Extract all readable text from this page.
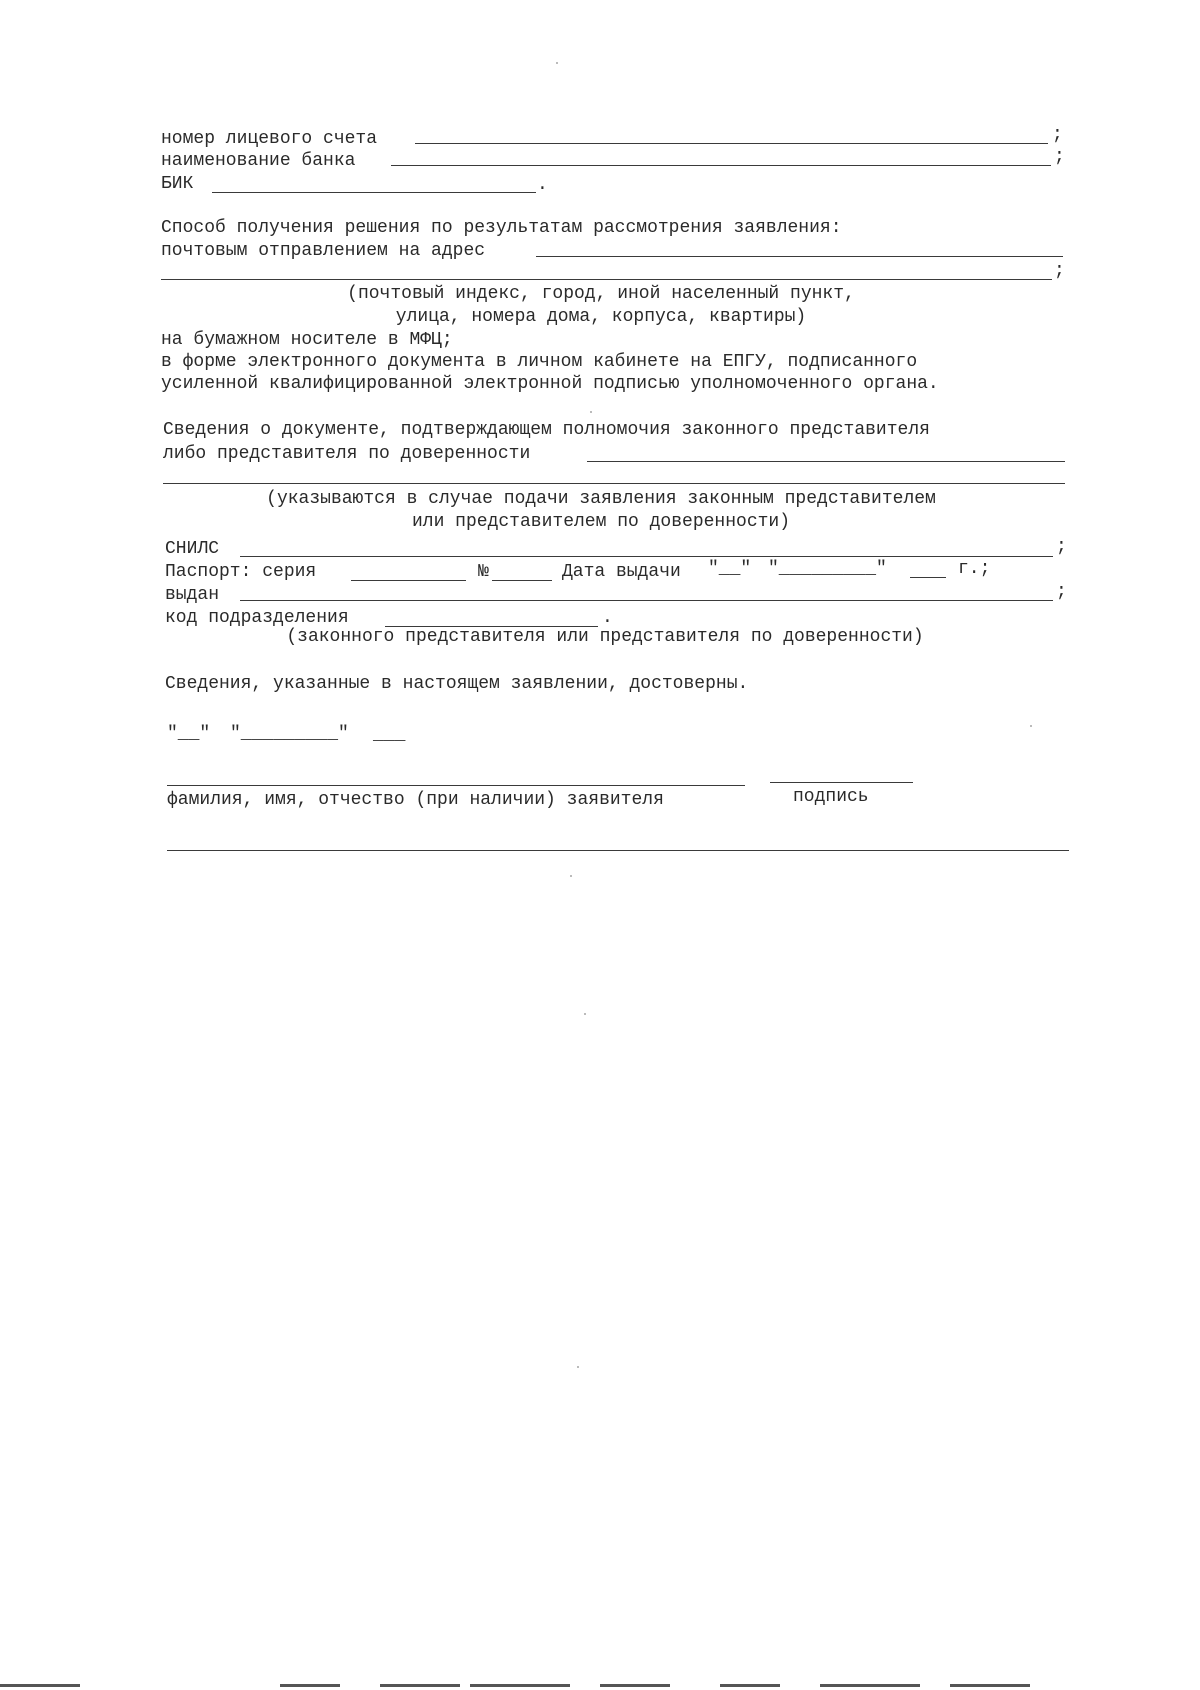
номер лицевого счета	;
наименование банка	;
БИК	.
Способ получения решения по результатам рассмотрения заявления:
почтовым отправлением на адрес
;
(почтовый индекс, город, иной населенный пункт,
улица, номера дома, корпуса, квартиры)
на бумажном носителе в МФЦ;
в форме электронного документа в личном кабинете на ЕПГУ, подписанного
усиленной квалифицированной электронной подписью уполномоченного органа.
Сведения о документе, подтверждающем полномочия законного представителя
либо представителя по доверенности
(указываются в случае подачи заявления законным представителем
или представителем по доверенности)
СНИЛС	;
Паспорт: серия	№	Дата выдачи "__" "_________"	г.;
выдан	;
код подразделения	.
(законного представителя или представителя по доверенности)
Сведения, указанные в настоящем заявлении, достоверны.
"__" "_________" ___
фамилия, имя, отчество (при наличии) заявителя	подпись
